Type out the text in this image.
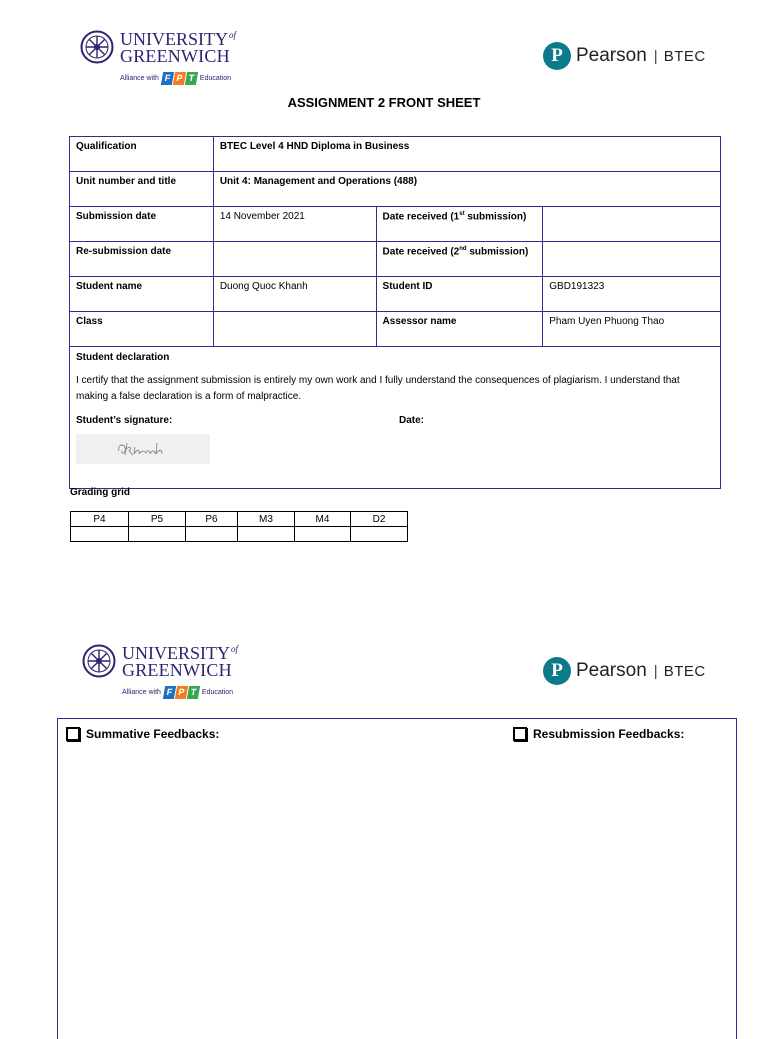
$UNIVERSITY^{of}$
GREENWICH
Alliance with F P T Education
P Pearson | BTEC
ASSIGNMENT 2 FRONT SHEET
Qualification	BTEC Level 4 HND Diploma in Business		
Unit number and title	Unit 4: Management and Operations (488)		
Submission date	14 November 2021	Date received (1st submission)	
Re-submission date		Date received (2nd submission)	
Student name	Duong Quoc Khanh	Student ID	GBD191323
Class		Assessor name	Pham Uyen Phuong Thao

Student declaration
I certify that the assignment submission is entirely my own work and I fully understand the consequences of plagiarism. I understand that making a false declaration is a form of malpractice.
Student’s signature: Date:			
Grading grid
P4	P5	P6	M3	M4	D2

$UNIVERSITY^{of}$
GREENWICH
Alliance with F P T Education
P Pearson | BTEC
Summative Feedbacks:	Resubmission Feedbacks:
